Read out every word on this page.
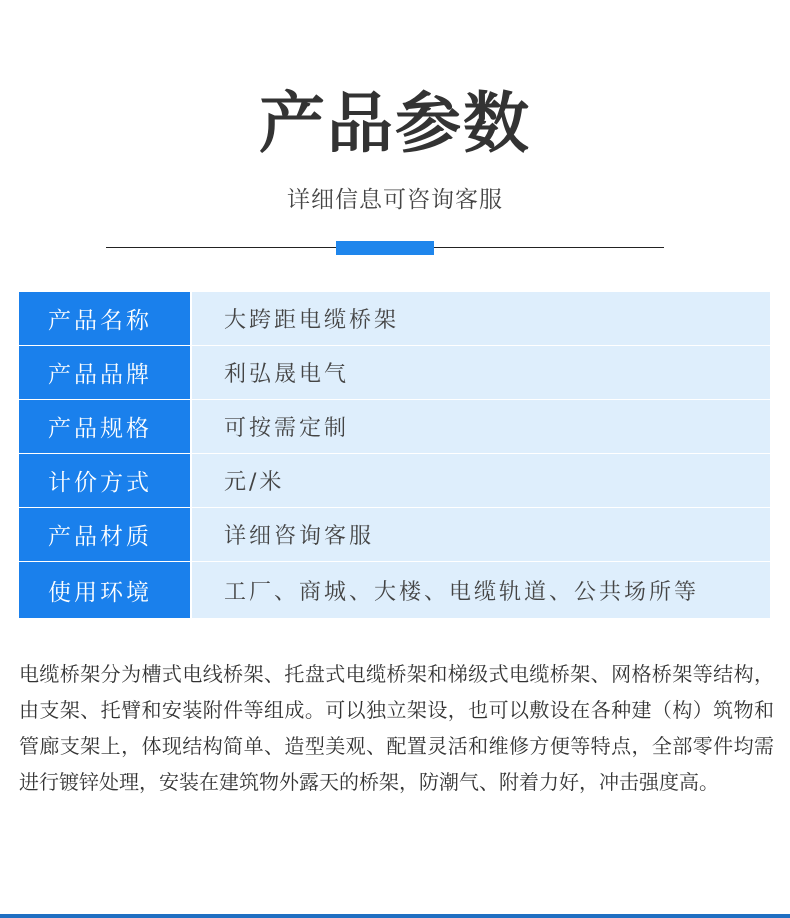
产品参数
详细信息可咨询客服
产品名称	大跨距电缆桥架
产品品牌	利弘晟电气
产品规格	可按需定制
计价方式	元/米
产品材质	详细咨询客服
使用环境	工厂、商城、大楼、电缆轨道、公共场所等
电缆桥架分为槽式电线桥架、托盘式电缆桥架和梯级式电缆桥架、网格桥架等结构，由支架、托臂和安装附件等组成。可以独立架设，也可以敷设在各种建（构）筑物和管廊支架上，体现结构简单、造型美观、配置灵活和维修方便等特点，全部零件均需进行镀锌处理，安装在建筑物外露天的桥架，防潮气、附着力好，冲击强度高。
